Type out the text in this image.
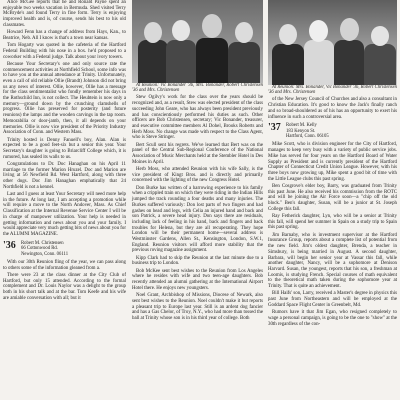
Alice McGee reports that he and Ronald Payne spent an enjoyable two weeks vacation in Bermuda. Shed visited Terry McBryde's and found Terry in fine form. Terry is enjoying improved health and is, of course, sends his best to his old classmates.

Howard Fenn has a change of address from Hays, Kan., to Beatrice, Neb. All I know is that's a town near kansas.

Tom Hogarty was quoted in the cafeteria of the Hartford Federal Building with his nose in a box. he'd proposed to a coworker with a Federal judge. Talk about your ivory towers.

Because Your Secretary's one and only source rate the commencement activities at Northfield School, some info was to have you at the annual attendance at Trinity. Unfortunately, even a call of old reliable Ollie (Brandt) Johnson did not bring us any news of interest. Ollie, however, Ollie has a message for the class sentimentalist who fondly remember his days in the Rothschild Inn, is not collect. The Heubtein is now only a memory—ground down by the crunching clamshells of progress. Ollie has preserved for posterity (and future reunions) the lamps and the wooden carvings in the tap room. Memorabilia or door-jamb, then, it all depends on your memories. Ollie is now vice president of the Priority Industry Association of Conn. and Western Mass.

Trinity hosted is Denny Fanuell's boy, Alan. Alan is expected to be a good feet-six but a senior this year. Your Secretary's daughter is going to Briarcliff College which, it is rumored, has sealed its walls to us.

Congratulations to Dr. Doc Hanaghan on his April 11 marriage to the former Marion Hruzel. Doc and Marion are living at 56 Newfield Rd. West Hartford, along with three other dogs. Doc Jim Hanaghan emphatically that 24 Northfield is not a kennel.

Last and I guess at least Your Secretary will need more help in the future. At long last, I am accepting a promotion while will require a move to the North Andover, Mass. As Chief Classification at the Internal Revenue Service Center I will be in charge of manpower utilization. Your help is needed in getting information and news about you and your family. I would appreciate very much getting bits of news about you for the ALUMNI MAGAZINE.

'36 Robert M. Christensen
66 Cottonwood Rd.
Newington, Conn. 06111

With our 30th Reunion fling of the year, we can pass along to others some of the information gleaned from a.

There were 23 at the class dinner at the City Club of Hartford, but only 15 attended. According to the formal complement and Dr. Louis Naylor was a delight to the group both in his short talk and at the bar. Tom Keefe and his wife are amiable conversation with all; but it

At Reunion: Vic Bonander '36, Mrs. Bonander, Robert Christensen '36 and Mrs. Christensen

Stew Ogilvy's work for the class over the years should be recognized and, as a result, Stew was elected president of the class succeeding John Geare, who has always been president previously and has conscientiously performed his duties as such. Other officers are Bob Christensen, secretary; Vic Bonander, treasurer, and executive committee members Al Dohel, Brooks Roberts and Herb Moss. No change was made with respect to the Class Agent, who is Steve Stringer.

Bert Scull sent his regrets. We've learned that Bert was on the panel of the Central Sub-Regional Conference of the National Association of Music Merchants held at the Stembler Hotel in Des Moines in April.

Herb Moss, who attended Reunion with his wife Sally, is the vice president of Kingt Bros. and is directly and primarily concerned with the lighting of the new Congress Hotel.

Don Burke has written of a harrowing experience to his family when a crippled train on which they were riding in the Indian Hills jumped the track rounding a four deaths and many injuries. The Burkes suffered variously: Don lost parts of two fingers and had gashes on head and legs, with Celia an injured hand and back and son Patrick, a severe head injury. Don says there are residuals, including lack of feeling in his hand, back and fingers and back troubles for Helena, but they are all recuperating. They hope London will be their permanent home—several address is Westminster Gardens, Allen St., Kensington, London, S.W.1, England. Reunion visitors will afford more stability that the previous roving magazine assignment.

Kipp Clark had to skip the Reunion at the last minute due to a business trip to London.

Bob McKee sent best wishes to the Reunion from Los Angeles where he resides with wife and two teen-age daughters. Bob recently attended an alumni gathering at the International Airport Hotel there. He enjoys new youngsters.

Noel Grant, Archbishop of Missions, Diocese of Newark, also sent best wishes to the Reunion. Noel couldn't make it but reports a pleasant trip to Europe last year. Still is an ardent dog fancier and has a Gas Chelor, of Troy, N.Y., who had more than tossed the ball at Trinity whose son is in his third year of college. Both

At Reunion: Mrs. Bonander, Vic Bonander '36, Robert Christensen '36 and Mrs. Christensen

of the New Jersey Council of Churches and also a consultant in Christian Education. It's good to know the Jack's finally ranch and so broad-shouldered as of his has an opportunity to exert his influence in such a controversial area.

'37 Robert M. Kelly
183 Kenyon St.
Hartford, Conn. 06105

Mike Scott, who is division engineer for the City of Hartford, manages to keep very busy with a variety of public service jobs. Mike has served for four years on the Hartford Board of Water Supply as President and is currently president of the Hartford Chapter of Connecticut Credit Union League. However, with his three boys now growing up, Mike spent a good bit of time with the Little League clubs this past spring.

Ben Cosgrove's elder boy, Barry, was graduated from Trinity this past June. He also received his commission from the ROTC and will be joining the Air Force soon—a "chip off the old block." Ben's daughter, Susan, will be a junior at St. Joseph College this fall.

Ray Fetherick daughter, Lyn, who will be a senior at Trinity this fall, will spend her summer in Spain on a study trip to Spain this past spring.

Jim Barnaby, who is investment supervisor at the Hartford Insurance Group, reports about a complete list of potential from the new field. Jim's oldest daughter, Brenda, a teacher in Simsbury, is being married in August. A second daughter, Barbara, will begin her senior year at Vassar this fall, while another daughter, Nancy, will be a sophomore at Denison Harvard. Susan, the youngest, reports that his son, a freshman at Loomis, is studying French. Special courses of math equivalent to the theoretical math taken during the sophomore year at Trinity. That is quite an achievement.

Bill Haifs' son, Larry, received a Master's degree in physics this past June from Northeastern and will be employed at the Goddard Space Flight Center in Greenbelt, Md.

Rumors have it that Jim Egan, who resigned completely to wage a personal campaign, is going to be the one to "show" at the 30th regardless of the con-
